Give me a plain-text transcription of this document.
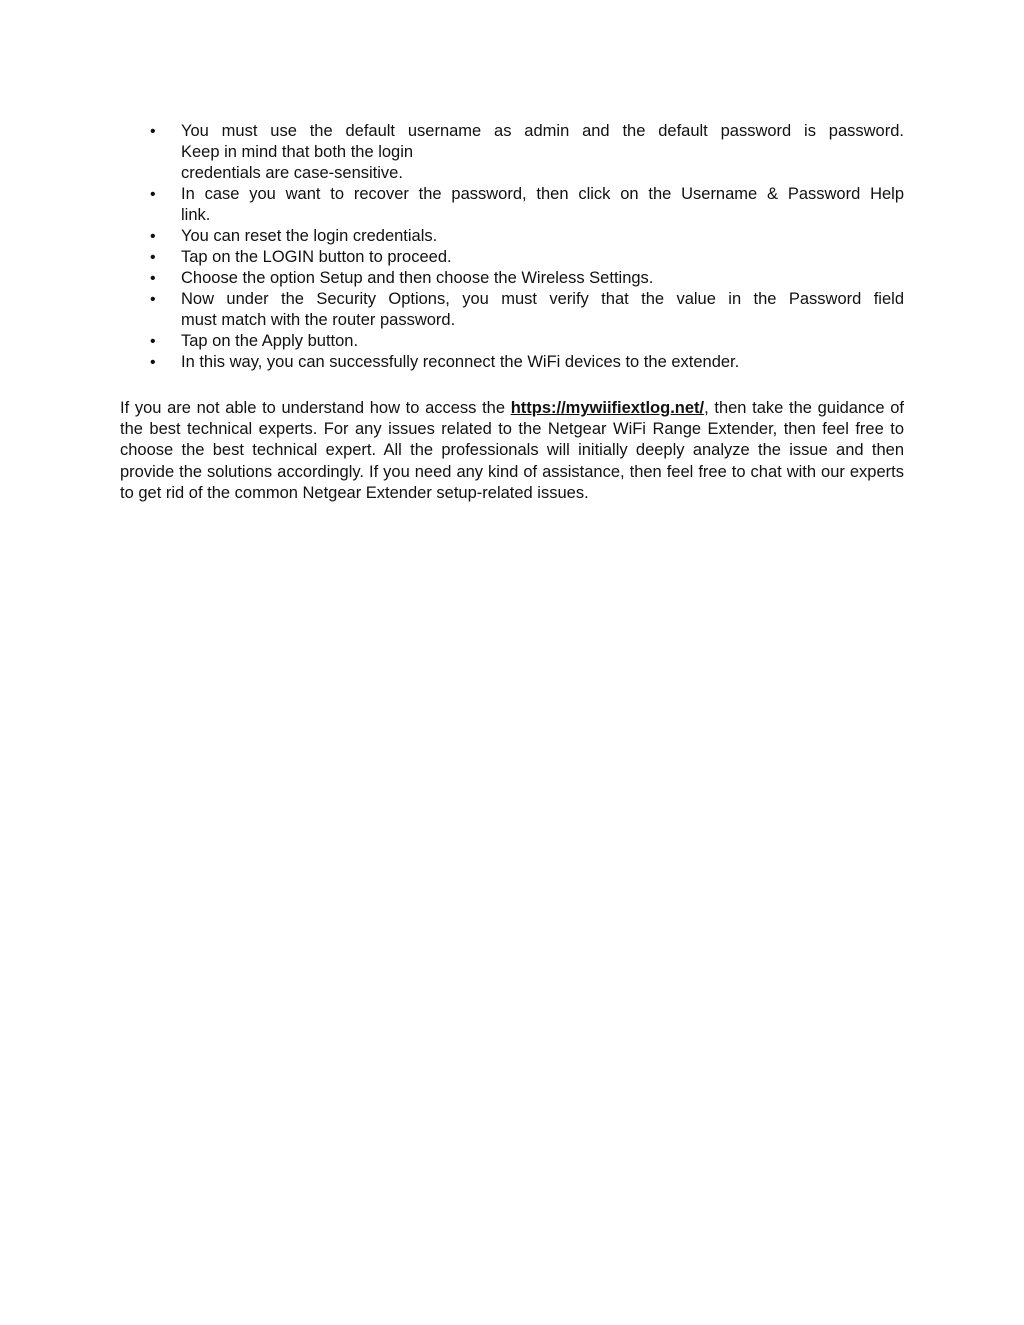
•	You must use the default username as admin and the default password is password.
Keep in mind that both the login
credentials are case-sensitive.
•	In case you want to recover the password, then click on the Username & Password Help
link.
•	You can reset the login credentials.
•	Tap on the LOGIN button to proceed.
•	Choose the option Setup and then choose the Wireless Settings.
•	Now under the Security Options, you must verify that the value in the Password field
must match with the router password.
•	Tap on the Apply button.
•	In this way, you can successfully reconnect the WiFi devices to the extender.

If you are not able to understand how to access the https://mywiifiextlog.net/, then take the guidance of the best technical experts. For any issues related to the Netgear WiFi Range Extender, then feel free to choose the best technical expert. All the professionals will initially deeply analyze the issue and then provide the solutions accordingly. If you need any kind of assistance, then feel free to chat with our experts to get rid of the common Netgear Extender setup-related issues.
